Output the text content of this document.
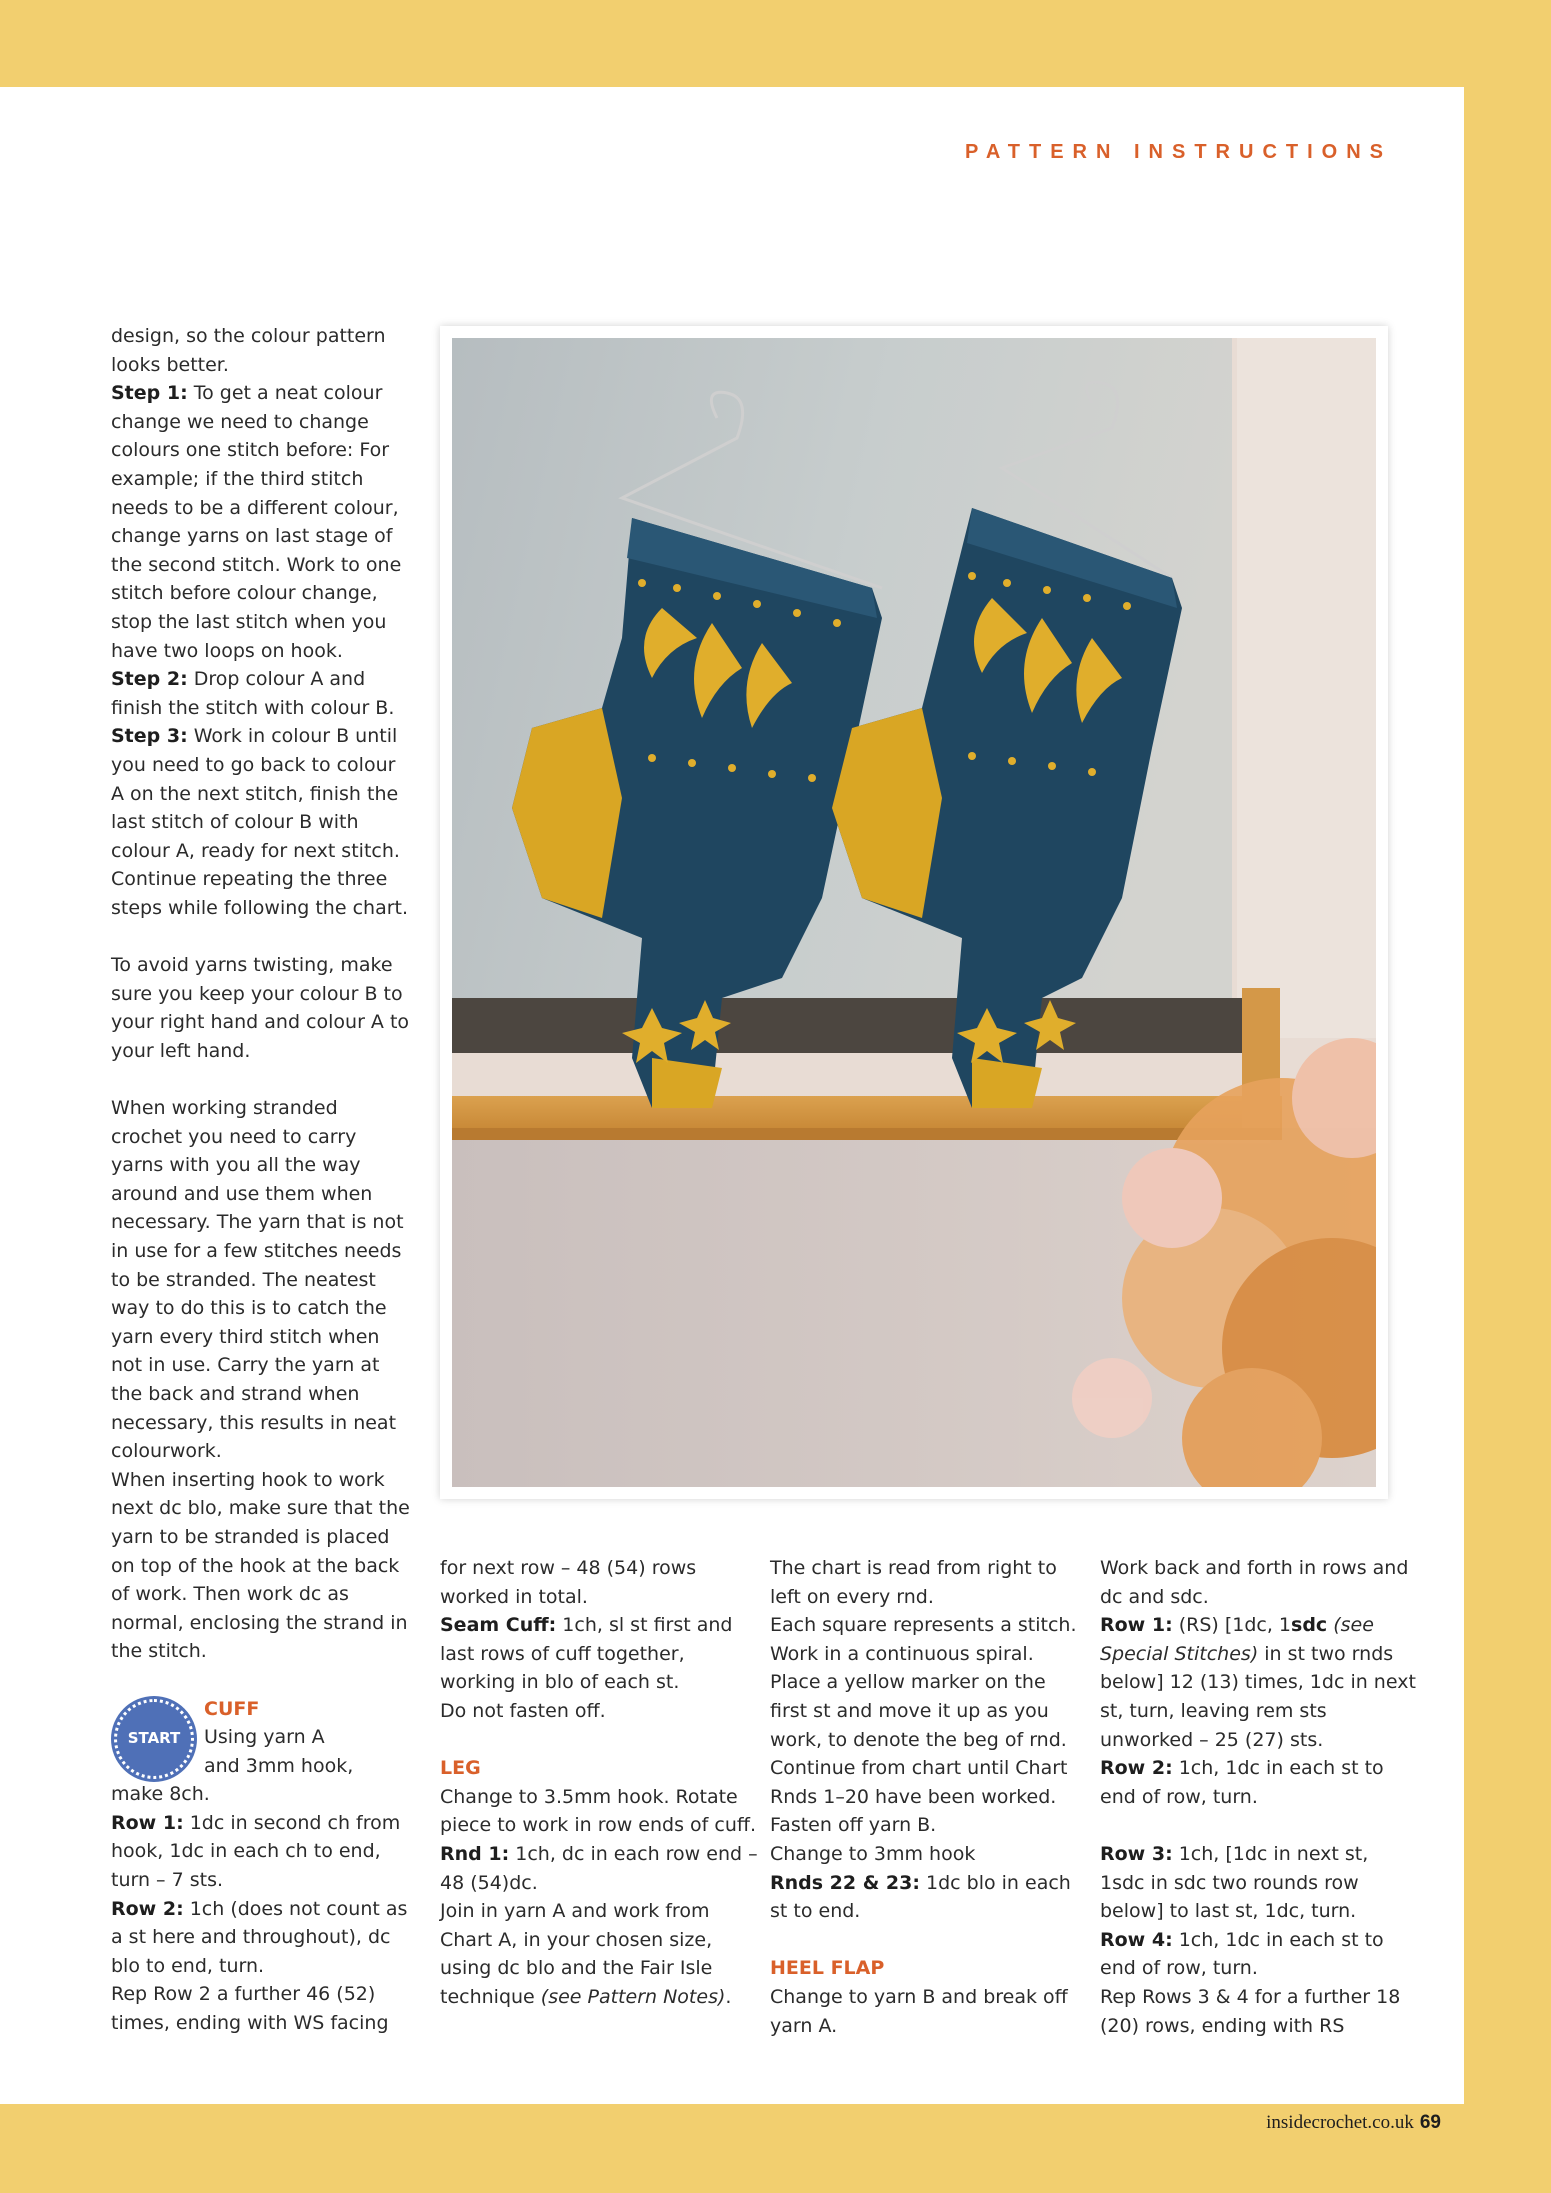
PATTERN INSTRUCTIONS

design, so the colour pattern looks better.

Step 1: To get a neat colour change we need to change colours one stitch before: For example; if the third stitch needs to be a different colour, change yarns on last stage of the second stitch. Work to one stitch before colour change, stop the last stitch when you have two loops on hook.

Step 2: Drop colour A and finish the stitch with colour B.

Step 3: Work in colour B until you need to go back to colour A on the next stitch, finish the last stitch of colour B with colour A, ready for next stitch. Continue repeating the three steps while following the chart.

To avoid yarns twisting, make sure you keep your colour B to your right hand and colour A to your left hand.

When working stranded crochet you need to carry yarns with you all the way around and use them when necessary. The yarn that is not in use for a few stitches needs to be stranded. The neatest way to do this is to catch the yarn every third stitch when not in use. Carry the yarn at the back and strand when necessary, this results in neat colourwork.

When inserting hook to work next dc blo, make sure that the yarn to be stranded is placed on top of the hook at the back of work. Then work dc as normal, enclosing the strand in the stitch.

START

CUFF

Using yarn A

and 3mm hook,

make 8ch.

Row 1: 1dc in second ch from hook, 1dc in each ch to end, turn – 7 sts.

Row 2: 1ch (does not count as a st here and throughout), dc blo to end, turn.

Rep Row 2 a further 46 (52) times, ending with WS facing

for next row – 48 (54) rows worked in total.

Seam Cuff: 1ch, sl st first and last rows of cuff together, working in blo of each st.

Do not fasten off.

LEG

Change to 3.5mm hook. Rotate piece to work in row ends of cuff.

Rnd 1: 1ch, dc in each row end – 48 (54)dc.

Join in yarn A and work from Chart A, in your chosen size, using dc blo and the Fair Isle technique (see Pattern Notes).

The chart is read from right to left on every rnd.

Each square represents a stitch.

Work in a continuous spiral. Place a yellow marker on the first st and move it up as you work, to denote the beg of rnd.

Continue from chart until Chart Rnds 1–20 have been worked.

Fasten off yarn B.

Change to 3mm hook

Rnds 22 & 23: 1dc blo in each st to end.

HEEL FLAP

Change to yarn B and break off yarn A.

Work back and forth in rows and dc and sdc.

Row 1: (RS) [1dc, 1sdc (see Special Stitches) in st two rnds below] 12 (13) times, 1dc in next st, turn, leaving rem sts unworked – 25 (27) sts.

Row 2: 1ch, 1dc in each st to end of row, turn.

Row 3: 1ch, [1dc in next st, 1sdc in sdc two rounds row below] to last st, 1dc, turn.

Row 4: 1ch, 1dc in each st to end of row, turn.

Rep Rows 3 & 4 for a further 18 (20) rows, ending with RS

insidecrochet.co.uk 69
